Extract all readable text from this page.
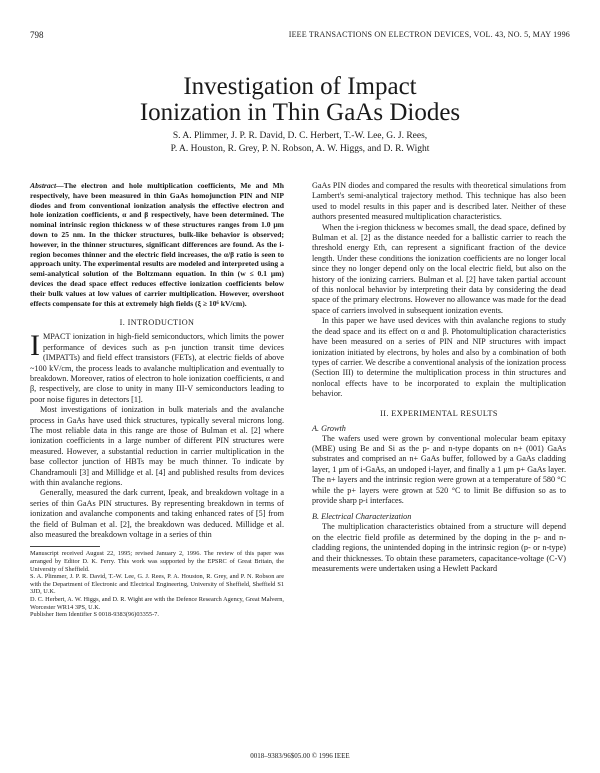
798	IEEE TRANSACTIONS ON ELECTRON DEVICES, VOL. 43, NO. 5, MAY 1996
Investigation of Impact
Ionization in Thin GaAs Diodes
S. A. Plimmer, J. P. R. David, D. C. Herbert, T.-W. Lee, G. J. Rees,
P. A. Houston, R. Grey, P. N. Robson, A. W. Higgs, and D. R. Wight

Abstract—The electron and hole multiplication coefficients, Me and Mh respectively, have been measured in thin GaAs homojunction PIN and NIP diodes and from conventional ionization analysis the effective electron and hole ionization coefficients, α and β respectively, have been determined. The nominal intrinsic region thickness w of these structures ranges from 1.0 μm down to 25 nm. In the thicker structures, bulk-like behavior is observed; however, in the thinner structures, significant differences are found. As the i-region becomes thinner and the electric field increases, the α/β ratio is seen to approach unity. The experimental results are modeled and interpreted using a semi-analytical solution of the Boltzmann equation. In thin (w ≤ 0.1 μm) devices the dead space effect reduces effective ionization coefficients below their bulk values at low values of carrier multiplication. However, overshoot effects compensate for this at extremely high fields (ξ ≥ 10⁶ kV/cm).

I. INTRODUCTION

IMPACT ionization in high-field semiconductors, which limits the power performance of devices such as p-n junction transit time devices (IMPATTs) and field effect transistors (FETs), at electric fields of above ~100 kV/cm, the process leads to avalanche multiplication and eventually to breakdown. Moreover, ratios of electron to hole ionization coefficients, α and β, respectively, are close to unity in many III-V semiconductors leading to poor noise figures in detectors [1].

Most investigations of ionization in bulk materials and the avalanche process in GaAs have used thick structures, typically several microns long. The most reliable data in this range are those of Bulman et al. [2] where ionization coefficients in a large number of different PIN structures were measured. However, a substantial reduction in carrier multiplication in the base collector junction of HBTs may be much thinner. To indicate by Chandramouli [3] and Millidge et al. [4] and published results from devices with thin avalanche regions.

Generally, measured the dark current, Ipeak, and breakdown voltage in a series of thin GaAs PIN structures. By representing breakdown in terms of ionization and avalanche components and taking enhanced rates of [5] from the field of Bulman et al. [2], the breakdown was deduced. Millidge et al. also measured the breakdown voltage in a series of thin

Manuscript received August 22, 1995; revised January 2, 1996. The review of this paper was arranged by Editor D. K. Ferry. This work was supported by the EPSRC of Great Britain, the University of Sheffield.

S. A. Plimmer, J. P. R. David, T.-W. Lee, G. J. Rees, P. A. Houston, R. Grey, and P. N. Robson are with the Department of Electronic and Electrical Engineering, University of Sheffield, Sheffield S1 3JD, U.K.

D. C. Herbert, A. W. Higgs, and D. R. Wight are with the Defence Research Agency, Great Malvern, Worcester WR14 3PS, U.K.

Publisher Item Identifier S 0018-9383(96)03355-7.

GaAs PIN diodes and compared the results with theoretical simulations from Lambert's semi-analytical trajectory method. This technique has also been used to model results in this paper and is described later. Neither of these authors presented measured multiplication characteristics.

When the i-region thickness w becomes small, the dead space, defined by Bulman et al. [2] as the distance needed for a ballistic carrier to reach the threshold energy Eth, can represent a significant fraction of the device length. Under these conditions the ionization coefficients are no longer local since they no longer depend only on the local electric field, but also on the history of the ionizing carriers. Bulman et al. [2] have taken partial account of this nonlocal behavior by interpreting their data by considering the dead space of the primary electrons. However no allowance was made for the dead space of carriers involved in subsequent ionization events.

In this paper we have used devices with thin avalanche regions to study the dead space and its effect on α and β. Photomultiplication characteristics have been measured on a series of PIN and NIP structures with impact ionization initiated by electrons, by holes and also by a combination of both types of carrier. We describe a conventional analysis of the ionization process (Section III) to determine the multiplication process in thin structures and nonlocal effects have to be incorporated to explain the multiplication behavior.

II. EXPERIMENTAL RESULTS

A. Growth

The wafers used were grown by conventional molecular beam epitaxy (MBE) using Be and Si as the p- and n-type dopants on n+ (001) GaAs substrates and comprised an n+ GaAs buffer, followed by a GaAs cladding layer, 1 μm of i-GaAs, an undoped i-layer, and finally a 1 μm p+ GaAs layer. The n+ layers and the intrinsic region were grown at a temperature of 580 °C while the p+ layers were grown at 520 °C to limit Be diffusion so as to provide sharp p-i interfaces.

B. Electrical Characterization

The multiplication characteristics obtained from a structure will depend on the electric field profile as determined by the doping in the p- and n-cladding regions, the unintended doping in the intrinsic region (p- or n-type) and their thicknesses. To obtain these parameters, capacitance-voltage (C-V) measurements were undertaken using a Hewlett Packard

0018–9383/96$05.00 © 1996 IEEE
